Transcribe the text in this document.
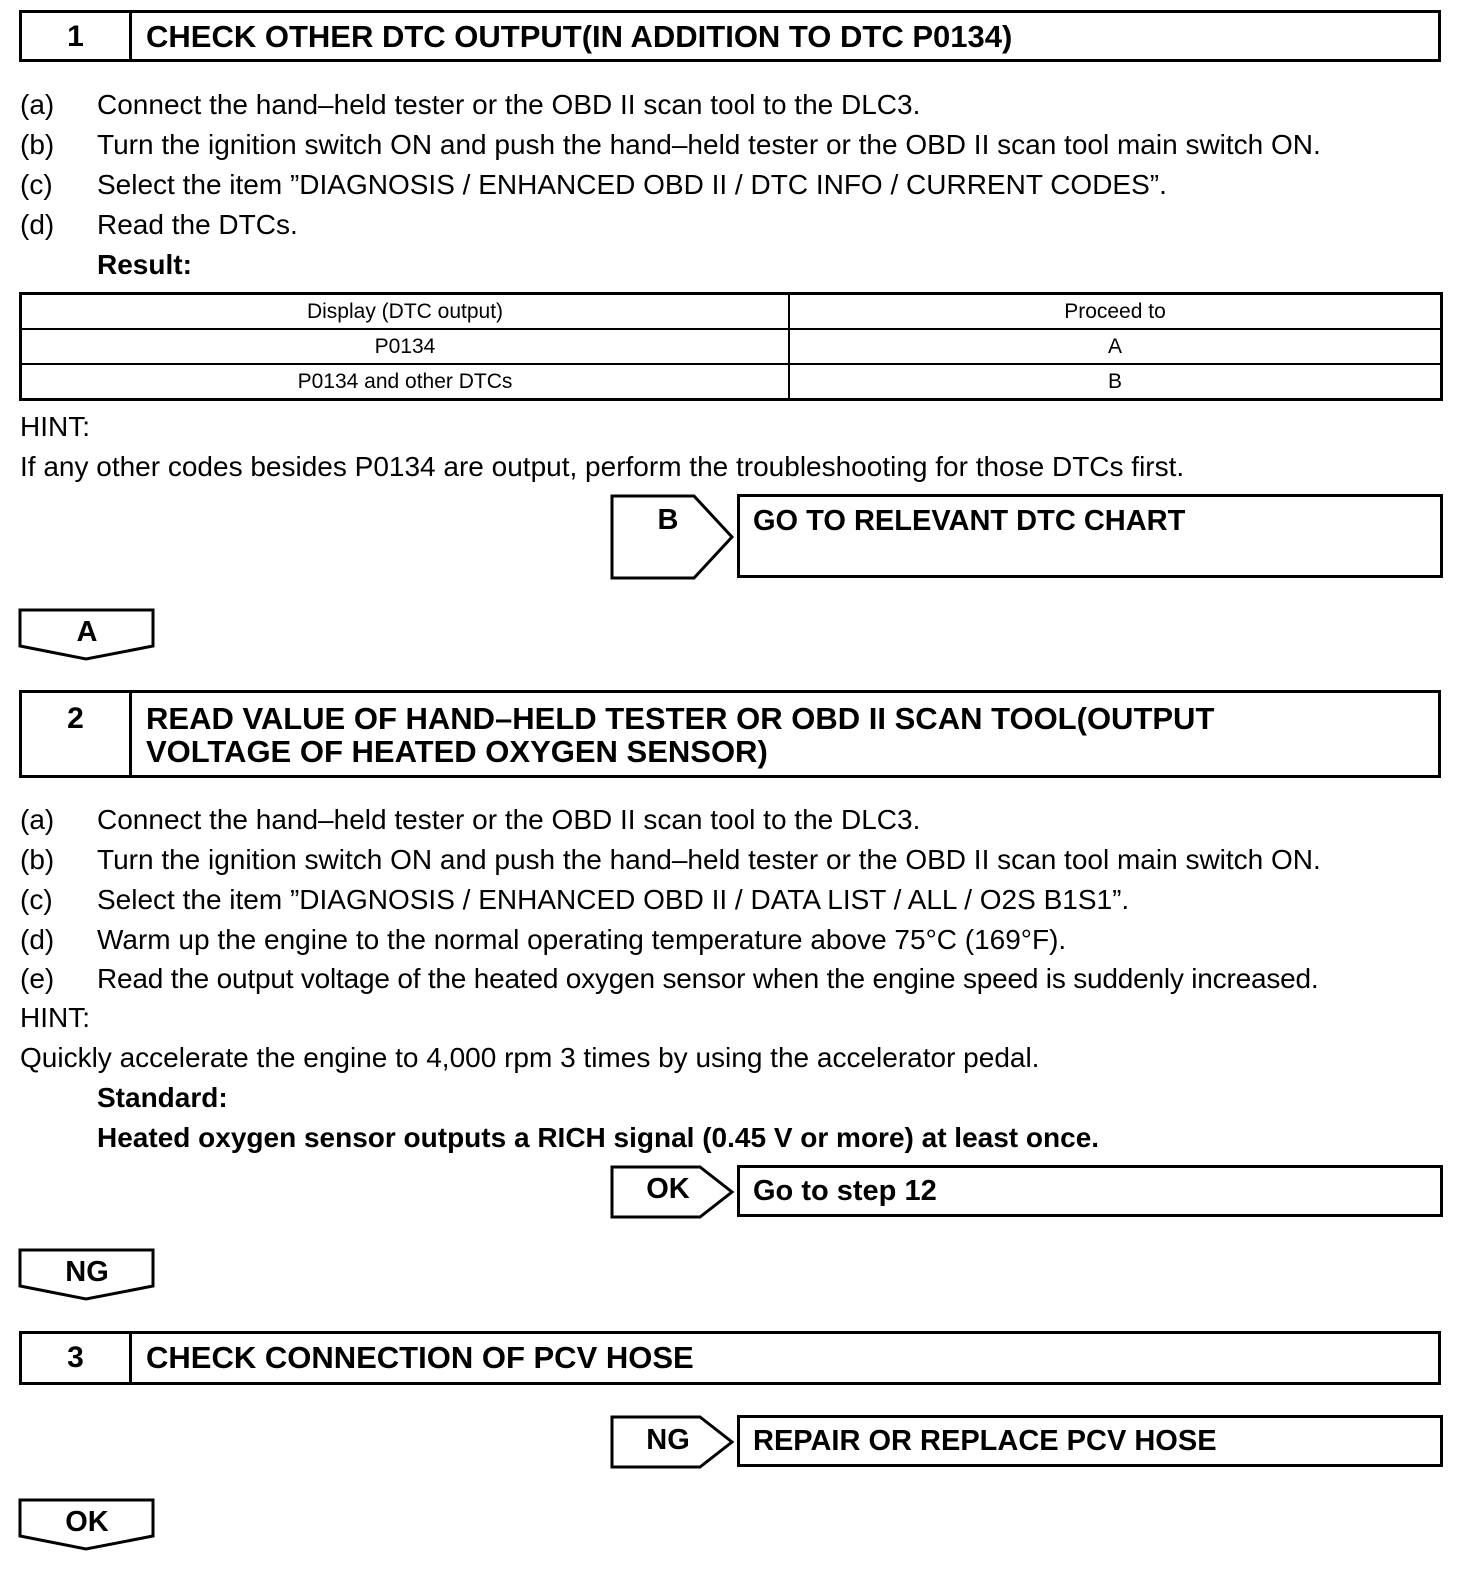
1	CHECK OTHER DTC OUTPUT(IN ADDITION TO DTC P0134)
(a) Connect the hand–held tester or the OBD II scan tool to the DLC3.
(b) Turn the ignition switch ON and push the hand–held tester or the OBD II scan tool main switch ON.
(c) Select the item ”DIAGNOSIS / ENHANCED OBD II / DTC INFO / CURRENT CODES”.
(d) Read the DTCs.
Result:
Display (DTC output)	Proceed to
P0134	A
P0134 and other DTCs	B
HINT:
If any other codes besides P0134 are output, perform the troubleshooting for those DTCs first.
B	GO TO RELEVANT DTC CHART
A
2	READ VALUE OF HAND–HELD TESTER OR OBD II SCAN TOOL(OUTPUT
VOLTAGE OF HEATED OXYGEN SENSOR)
(a) Connect the hand–held tester or the OBD II scan tool to the DLC3.
(b) Turn the ignition switch ON and push the hand–held tester or the OBD II scan tool main switch ON.
(c) Select the item ”DIAGNOSIS / ENHANCED OBD II / DATA LIST / ALL / O2S B1S1”.
(d) Warm up the engine to the normal operating temperature above 75°C (169°F).
(e) Read the output voltage of the heated oxygen sensor when the engine speed is suddenly increased.
HINT:
Quickly accelerate the engine to 4,000 rpm 3 times by using the accelerator pedal.
Standard:
Heated oxygen sensor outputs a RICH signal (0.45 V or more) at least once.
OK	Go to step 12
NG
3	CHECK CONNECTION OF PCV HOSE
NG	REPAIR OR REPLACE PCV HOSE
OK
